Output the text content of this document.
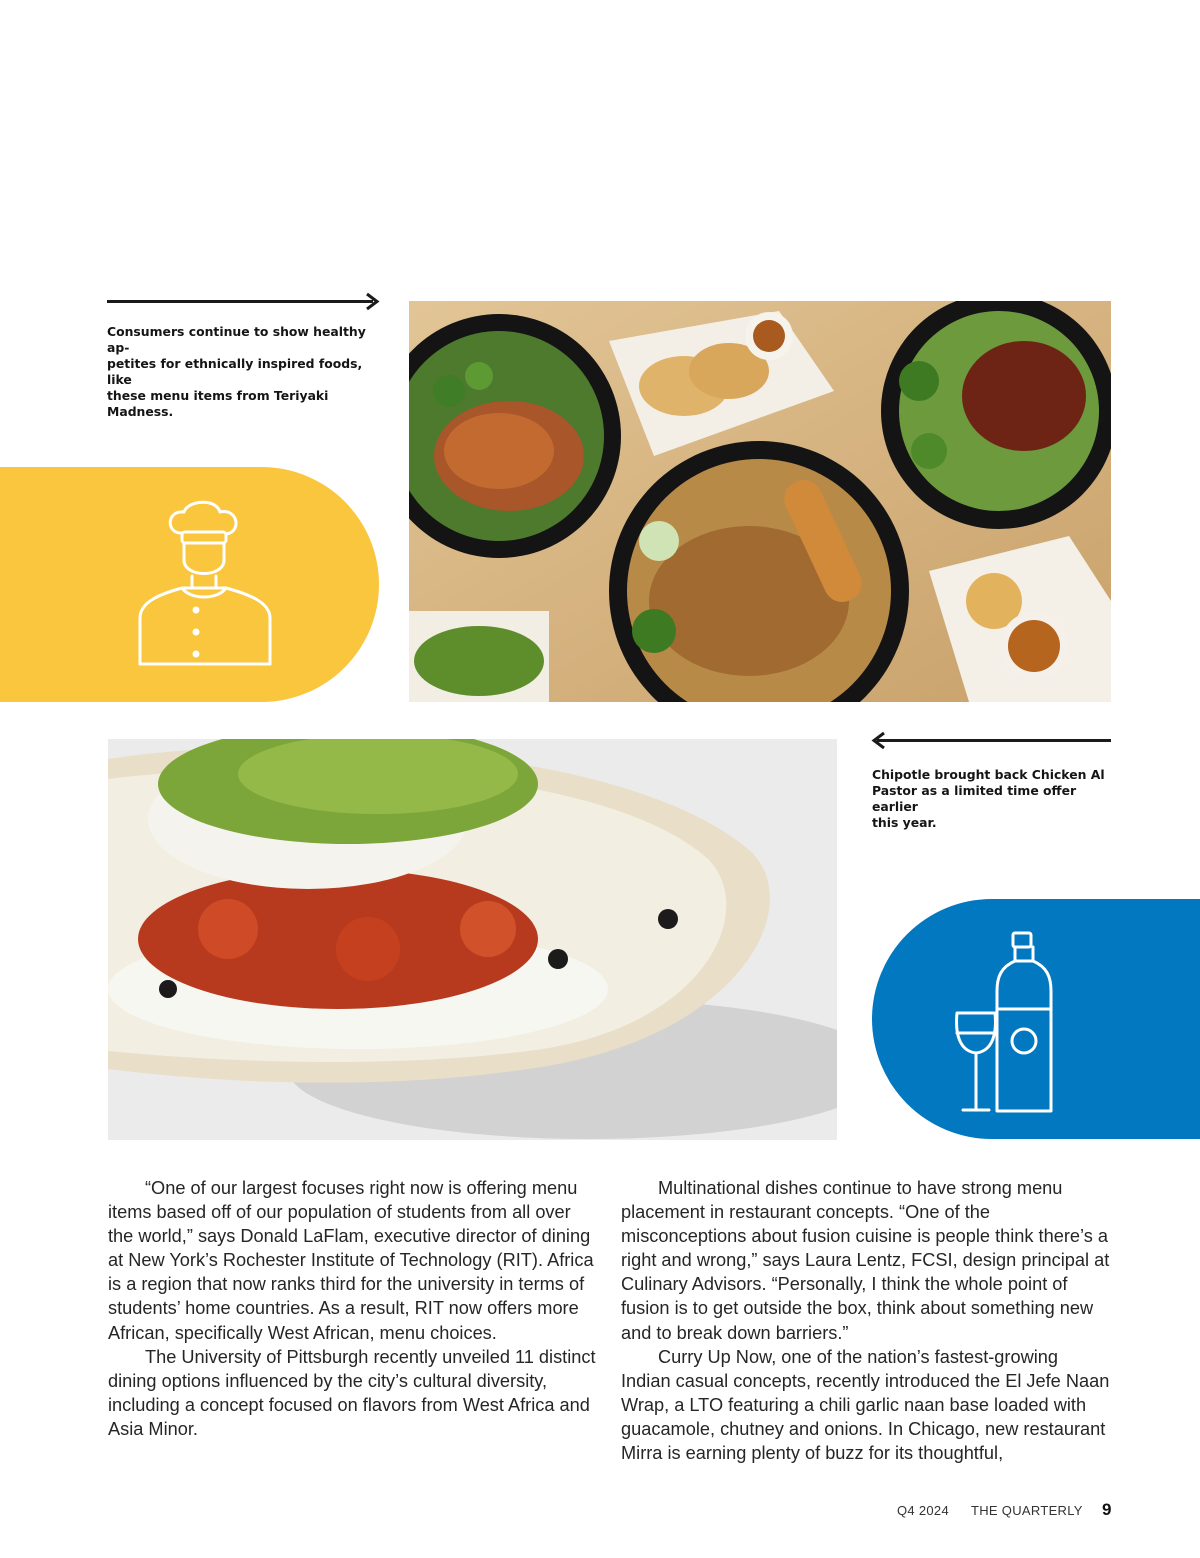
Consumers continue to show healthy ap-
petites for ethnically inspired foods, like
these menu items from Teriyaki Madness.
Chipotle brought back Chicken Al
Pastor as a limited time offer earlier
this year.

“One of our largest focuses right now is offering menu items based off of our population of students from all over the world,” says Donald LaFlam, executive director of dining at New York’s Rochester Institute of Technology (RIT). Africa is a region that now ranks third for the university in terms of students’ home countries. As a result, RIT now offers more African, specifically West African, menu choices.

The University of Pittsburgh recently unveiled 11 distinct dining options influenced by the city’s cultural diversity, including a concept focused on flavors from West Africa and Asia Minor.

Multinational dishes continue to have strong menu placement in restaurant concepts. “One of the misconceptions about fusion cuisine is people think there’s a right and wrong,” says Laura Lentz, FCSI, design principal at Culinary Advisors. “Personally, I think the whole point of fusion is to get outside the box, think about something new and to break down barriers.”

Curry Up Now, one of the nation’s fastest-growing Indian casual concepts, recently introduced the El Jefe Naan Wrap, a LTO featuring a chili garlic naan base loaded with guacamole, chutney and onions. In Chicago, new restaurant Mirra is earning plenty of buzz for its thoughtful,

Q4 2024 THE QUARTERLY 9
